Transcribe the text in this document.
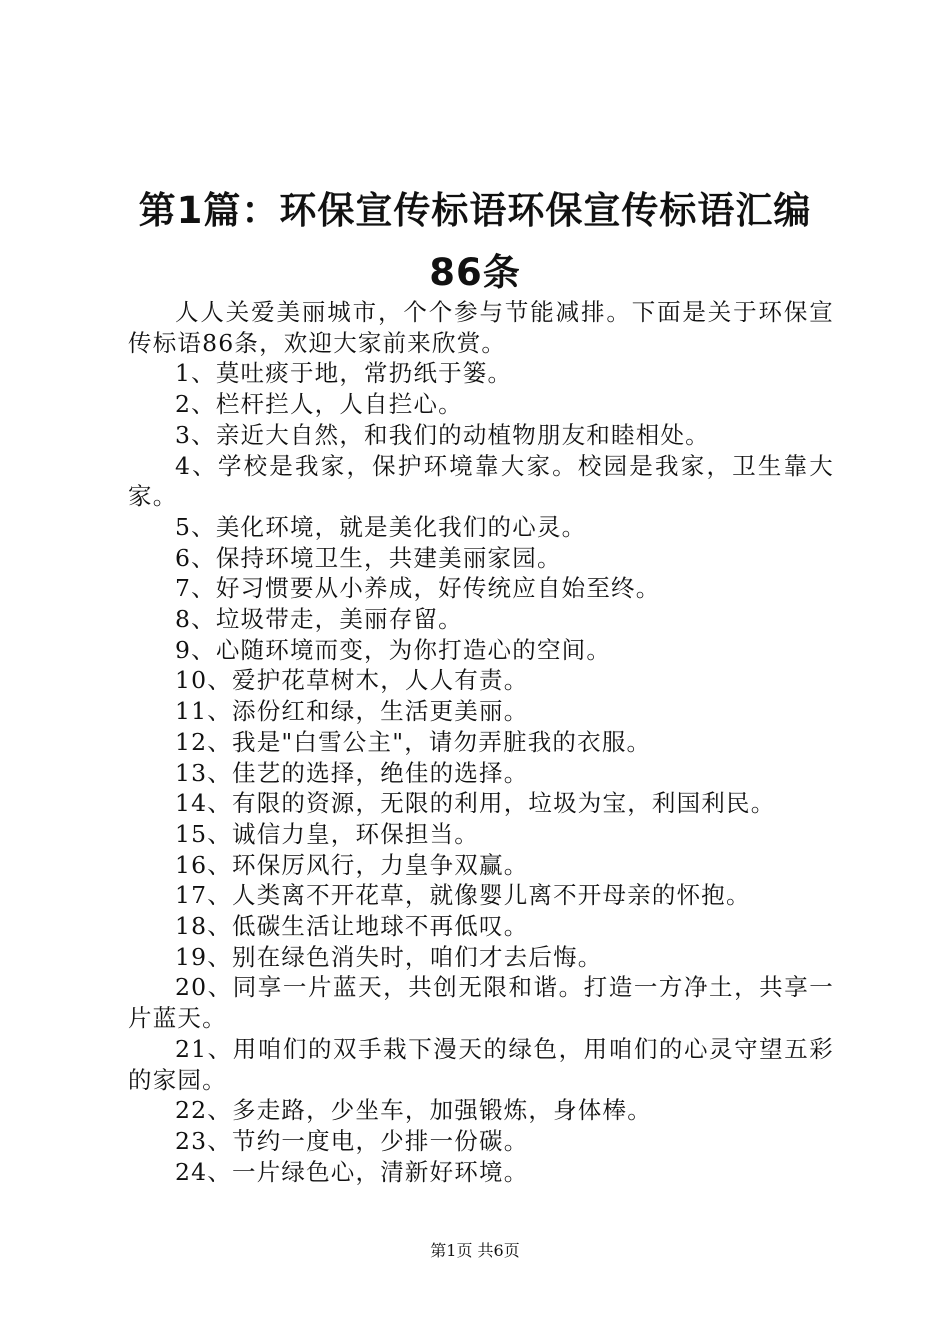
第1篇：环保宣传标语环保宣传标语汇编86条

人人关爱美丽城市，个个参与节能减排。下面是关于环保宣传标语86条，欢迎大家前来欣赏。

1、莫吐痰于地，常扔纸于篓。

2、栏杆拦人，人自拦心。

3、亲近大自然，和我们的动植物朋友和睦相处。

4、学校是我家，保护环境靠大家。校园是我家，卫生靠大家。

5、美化环境，就是美化我们的心灵。

6、保持环境卫生，共建美丽家园。

7、好习惯要从小养成，好传统应自始至终。

8、垃圾带走，美丽存留。

9、心随环境而变，为你打造心的空间。

10、爱护花草树木，人人有责。

11、添份红和绿，生活更美丽。

12、我是"白雪公主"，请勿弄脏我的衣服。

13、佳艺的选择，绝佳的选择。

14、有限的资源，无限的利用，垃圾为宝，利国利民。

15、诚信力皇，环保担当。

16、环保厉风行，力皇争双赢。

17、人类离不开花草，就像婴儿离不开母亲的怀抱。

18、低碳生活让地球不再低叹。

19、别在绿色消失时，咱们才去后悔。

20、同享一片蓝天，共创无限和谐。打造一方净土，共享一片蓝天。

21、用咱们的双手栽下漫天的绿色，用咱们的心灵守望五彩的家园。

22、多走路，少坐车，加强锻炼，身体棒。

23、节约一度电，少排一份碳。

24、一片绿色心，清新好环境。

第1页 共6页
